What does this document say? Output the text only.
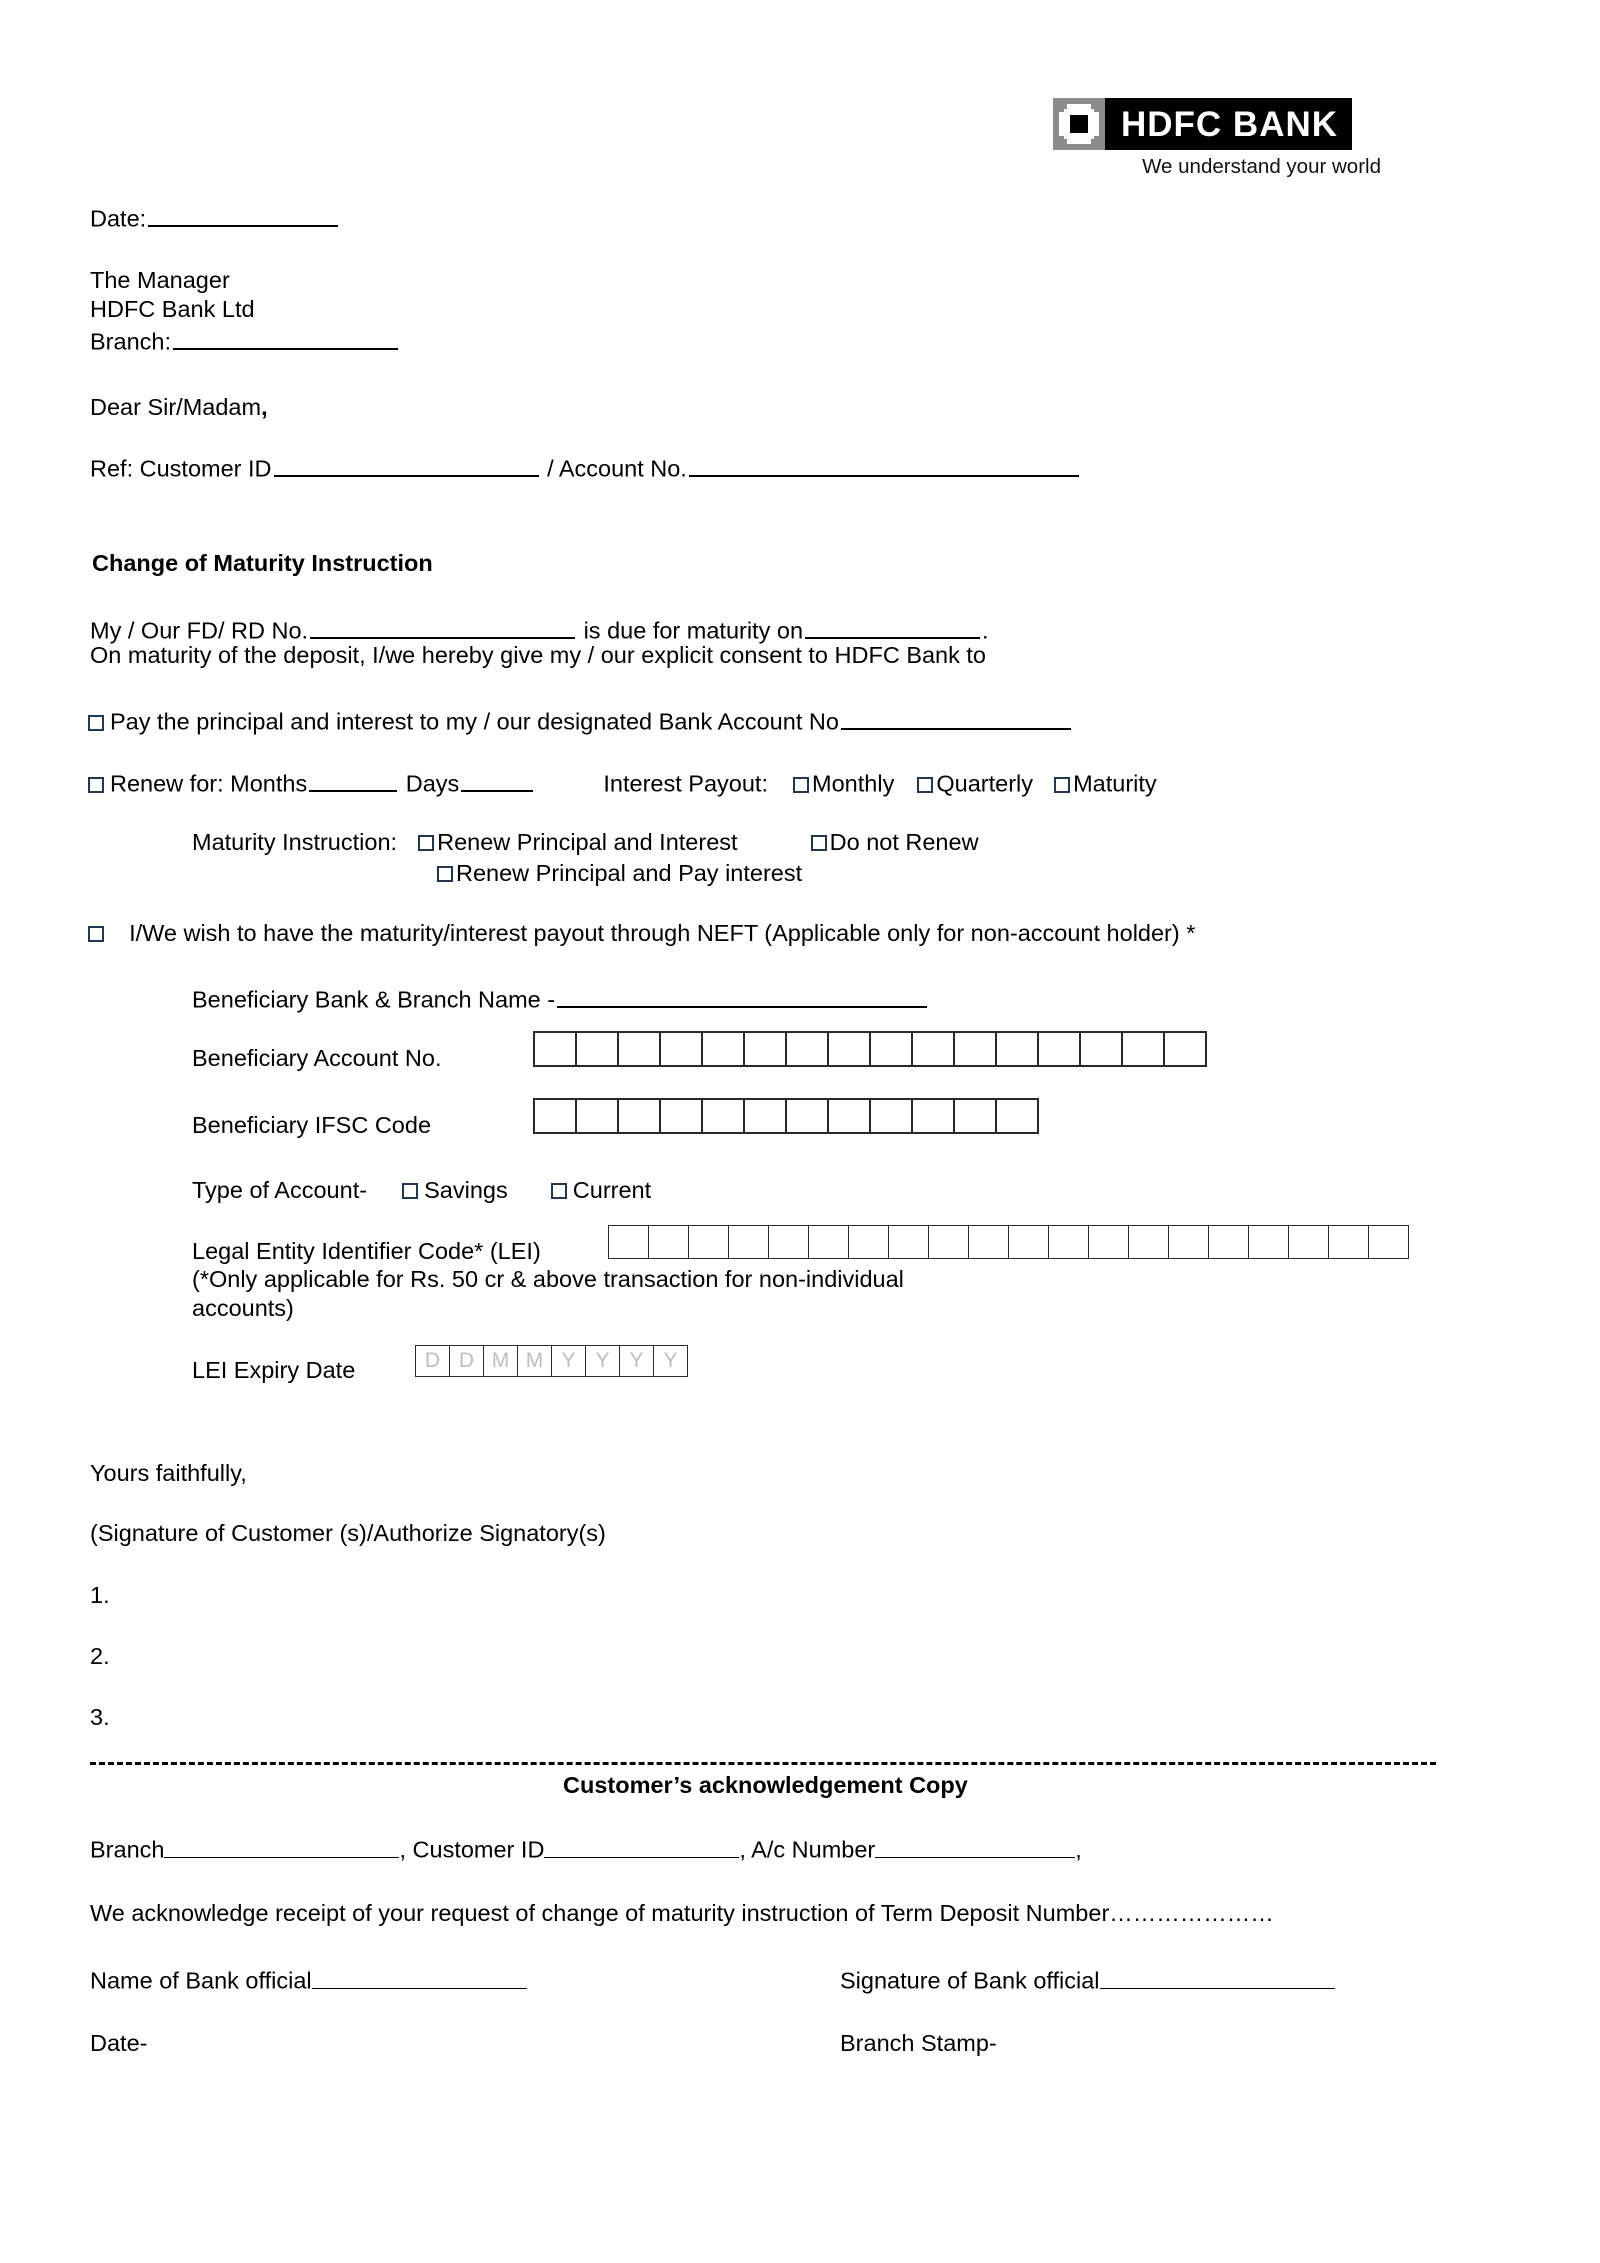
HDFC BANK
We understand your world
Date:
The Manager
HDFC Bank Ltd
Branch:
Dear Sir/Madam,
Ref: Customer ID	/ Account No.
Change of Maturity Instruction
My / Our FD/ RD No.	is due for maturity on	.
On maturity of the deposit, I/we hereby give my / our explicit consent to HDFC Bank to
Pay the principal and interest to my / our designated Bank Account No
Renew for: Months	Days	Interest Payout: Monthly Quarterly Maturity
Maturity Instruction: Renew Principal and Interest	Do not Renew
Renew Principal and Pay interest
I/We wish to have the maturity/interest payout through NEFT (Applicable only for non-account holder) *
Beneficiary Bank & Branch Name -
Beneficiary Account No.
Beneficiary IFSC Code
Type of Account- Savings	Current
Legal Entity Identifier Code* (LEI)
(*Only applicable for Rs. 50 cr & above transaction for non-individual
accounts)
LEI Expiry Date	D D M M Y Y Y Y
Yours faithfully,
(Signature of Customer (s)/Authorize Signatory(s)
1.
2.
3.
Customer’s acknowledgement Copy
Branch	, Customer ID	, A/c Number	,
We acknowledge receipt of your request of change of maturity instruction of Term Deposit Number…………………
Name of Bank official	Signature of Bank official
Date-	Branch Stamp-
